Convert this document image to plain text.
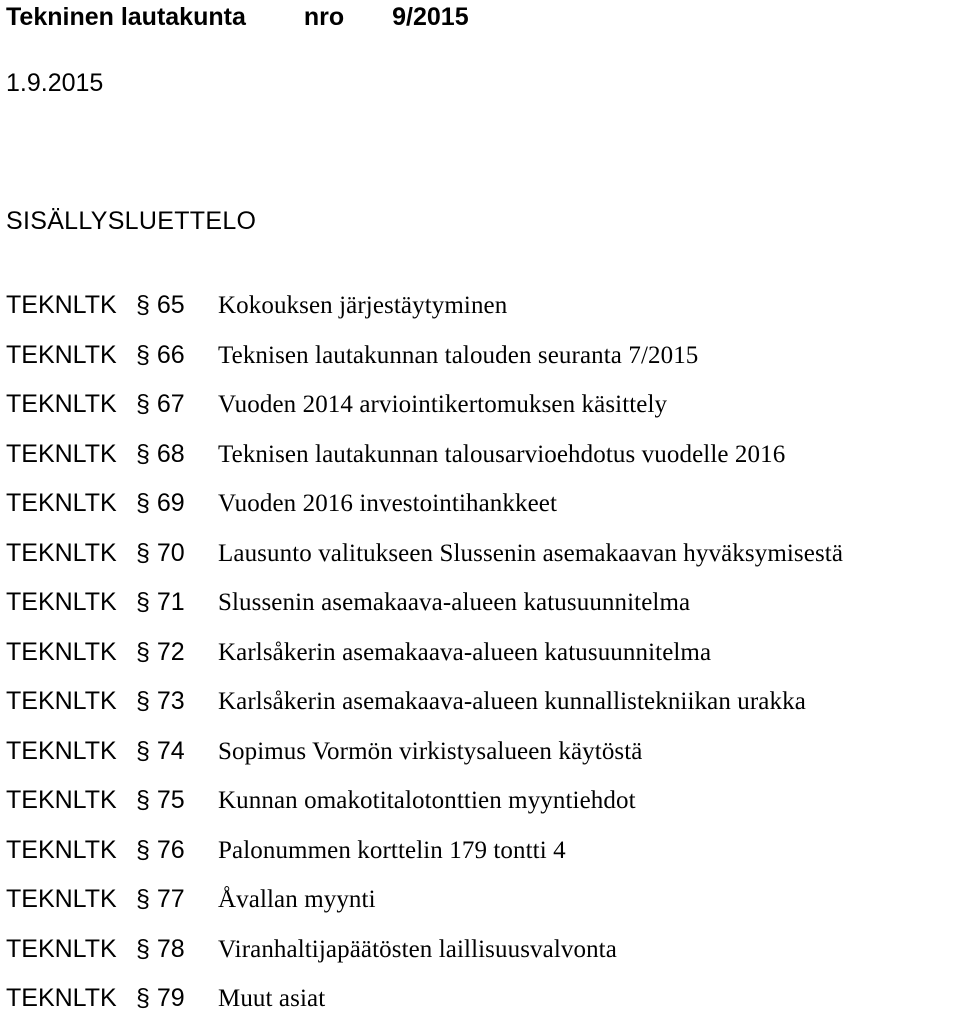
Tekninen lautakunta nro 9/2015
1.9.2015
SISÄLLYSLUETTELO
TEKNLTK § 65	Kokouksen järjestäytyminen
TEKNLTK § 66	Teknisen lautakunnan talouden seuranta 7/2015
TEKNLTK § 67	Vuoden 2014 arviointikertomuksen käsittely
TEKNLTK § 68	Teknisen lautakunnan talousarvioehdotus vuodelle 2016
TEKNLTK § 69	Vuoden 2016 investointihankkeet
TEKNLTK § 70	Lausunto valitukseen Slussenin asemakaavan hyväksymisestä
TEKNLTK § 71	Slussenin asemakaava-alueen katusuunnitelma
TEKNLTK § 72	Karlsåkerin asemakaava-alueen katusuunnitelma
TEKNLTK § 73	Karlsåkerin asemakaava-alueen kunnallistekniikan urakka
TEKNLTK § 74	Sopimus Vormön virkistysalueen käytöstä
TEKNLTK § 75	Kunnan omakotitalotonttien myyntiehdot
TEKNLTK § 76	Palonummen korttelin 179 tontti 4
TEKNLTK § 77	Åvallan myynti
TEKNLTK § 78	Viranhaltijapäätösten laillisuusvalvonta
TEKNLTK § 79	Muut asiat
